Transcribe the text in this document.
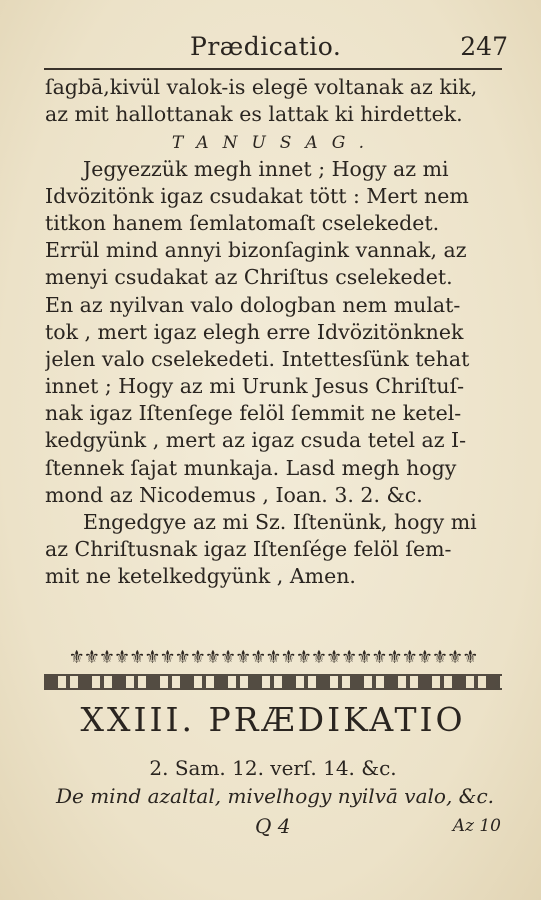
Prædicatio.	247
ſagbā,kivül valok-is elegē voltanak az kik,
az mit hallottanak es lattak ki hirdettek.
TANUSAG.
Jegyezzük megh innet ; Hogy az mi
Idvözitönk igaz csudakat tött : Mert nem
titkon hanem ſemlatomaſt cselekedet.
Errül mind annyi bizonſagink vannak, az
menyi csudakat az Chriſtus cselekedet.
En az nyilvan valo dologban nem mulat-
tok , mert igaz elegh erre Idvözitönknek
jelen valo cselekedeti. Intettesſünk tehat
innet ; Hogy az mi Urunk Jesus Chriſtuſ-
nak igaz Iſtenſege felöl ſemmit ne ketel-
kedgyünk , mert az igaz csuda tetel az I-
ſtennek ſajat munkaja. Lasd megh hogy
mond az Nicodemus , Ioan. 3. 2. &c.
Engedgye az mi Sz. Iſtenünk, hogy mi
az Chriſtusnak igaz Iſtenſége felöl ſem-
mit ne ketelkedgyünk , Amen.
⚜⚜⚜⚜⚜⚜⚜⚜⚜⚜⚜⚜⚜⚜⚜⚜⚜⚜⚜⚜⚜⚜⚜⚜⚜⚜⚜
XXIII. PRÆDIKATIO
2. Sam. 12. verſ. 14. &c.
De mind azaltal, mivelhogy nyilvā valo, &c.
Q 4	Az 10
